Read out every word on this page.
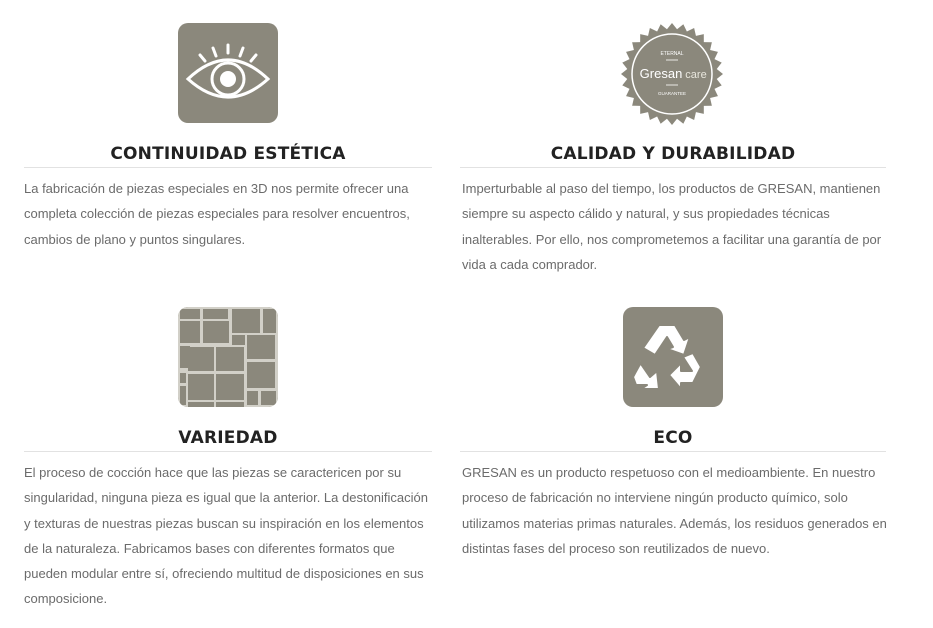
CONTINUIDAD ESTÉTICA

La fabricación de piezas especiales en 3D nos permite ofrecer una completa colección de piezas especiales para resolver encuentros, cambios de plano y puntos singulares.

ETERNAL
Gresan care
GUARANTEE
CALIDAD Y DURABILIDAD

Imperturbable al paso del tiempo, los productos de GRESAN, mantienen siempre su aspecto cálido y natural, y sus propiedades técnicas inalterables. Por ello, nos comprometemos a facilitar una garantía de por vida a cada comprador.

VARIEDAD

El proceso de cocción hace que las piezas se caractericen por su singularidad, ninguna pieza es igual que la anterior. La destonificación y texturas de nuestras piezas buscan su inspiración en los elementos de la naturaleza. Fabricamos bases con diferentes formatos que pueden modular entre sí, ofreciendo multitud de disposiciones en sus composicione.

ECO

GRESAN es un producto respetuoso con el medioambiente. En nuestro proceso de fabricación no interviene ningún producto químico, solo utilizamos materias primas naturales. Además, los residuos generados en distintas fases del proceso son reutilizados de nuevo.
